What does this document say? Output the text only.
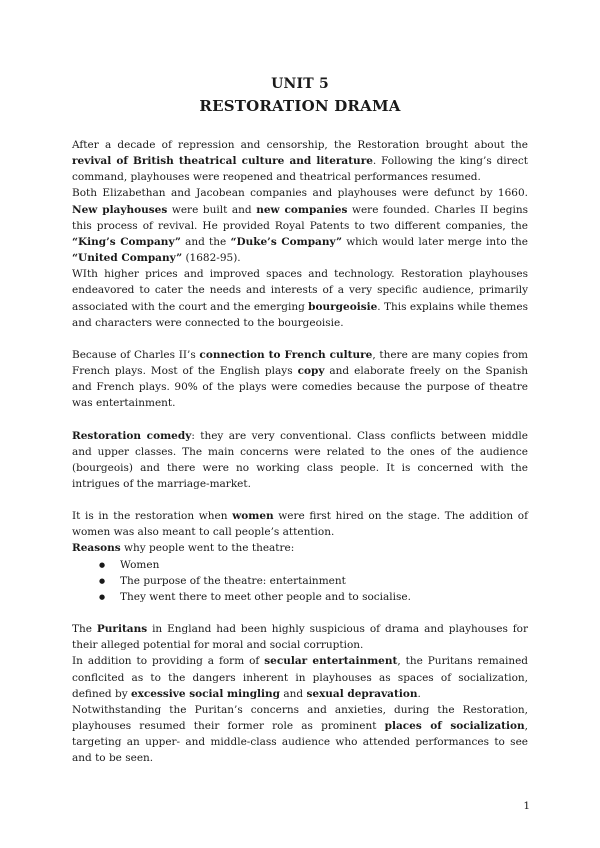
UNIT 5
RESTORATION DRAMA

After a decade of repression and censorship, the Restoration brought about the revival of British theatrical culture and literature. Following the king’s direct command, playhouses were reopened and theatrical performances resumed.

Both Elizabethan and Jacobean companies and playhouses were defunct by 1660. New playhouses were built and new companies were founded. Charles II begins this process of revival. He provided Royal Patents to two different companies, the “King’s Company” and the “Duke’s Company” which would later merge into the “United Company” (1682-95).

WIth higher prices and improved spaces and technology. Restoration playhouses endeavored to cater the needs and interests of a very specific audience, primarily associated with the court and the emerging bourgeoisie. This explains while themes and characters were connected to the bourgeoisie.

Because of Charles II’s connection to French culture, there are many copies from French plays. Most of the English plays copy and elaborate freely on the Spanish and French plays. 90% of the plays were comedies because the purpose of theatre was entertainment.

Restoration comedy: they are very conventional. Class conflicts between middle and upper classes. The main concerns were related to the ones of the audience (bourgeois) and there were no working class people. It is concerned with the intrigues of the marriage-market.

It is in the restoration when women were first hired on the stage. The addition of women was also meant to call people’s attention.

Reasons why people went to the theatre:

● Women
● The purpose of the theatre: entertainment
● They went there to meet other people and to socialise.

The Puritans in England had been highly suspicious of drama and playhouses for their alleged potential for moral and social corruption.

In addition to providing a form of secular entertainment, the Puritans remained conflcited as to the dangers inherent in playhouses as spaces of socialization, defined by excessive social mingling and sexual depravation.

Notwithstanding the Puritan’s concerns and anxieties, during the Restoration, playhouses resumed their former role as prominent places of socialization, targeting an upper- and middle-class audience who attended performances to see and to be seen.

1
